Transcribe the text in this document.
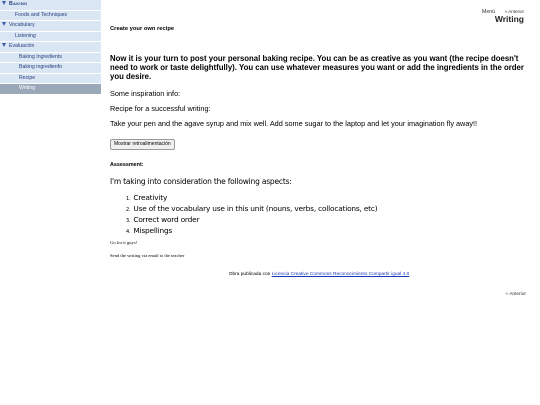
Baking
Foods and Techniques
Vocabulary
Listening
Evaluación
Baking Ingredients
Baking ingredienfo
Recipe
Writing
Menú « Anterior
Writing
Create your own recipe
Now it is your turn to post your personal baking recipe. You can be as creative as you want (the recipe doesn't need to work or taste delightfully). You can use whatever measures you want or add the ingredients in the order you desire.
Some inspiration info:
Recipe for a successful writing:
Take your pen and the agave syrup and mix well. Add some sugar to the laptop and let your imagination fly away!!
Mostrar retroalimentación
Assessment:
I'm taking into consideration the following aspects:
1. Creativity
2. Use of the vocabulary use in this unit (nouns, verbs, collocations, etc)
3. Correct word order
4. Mispellings
Go for it guys!
Send the writing via email to the teacher
Obra publicada con Licencia Creative Commons Reconocimiento Compartir igual 4.0
« Anterior
